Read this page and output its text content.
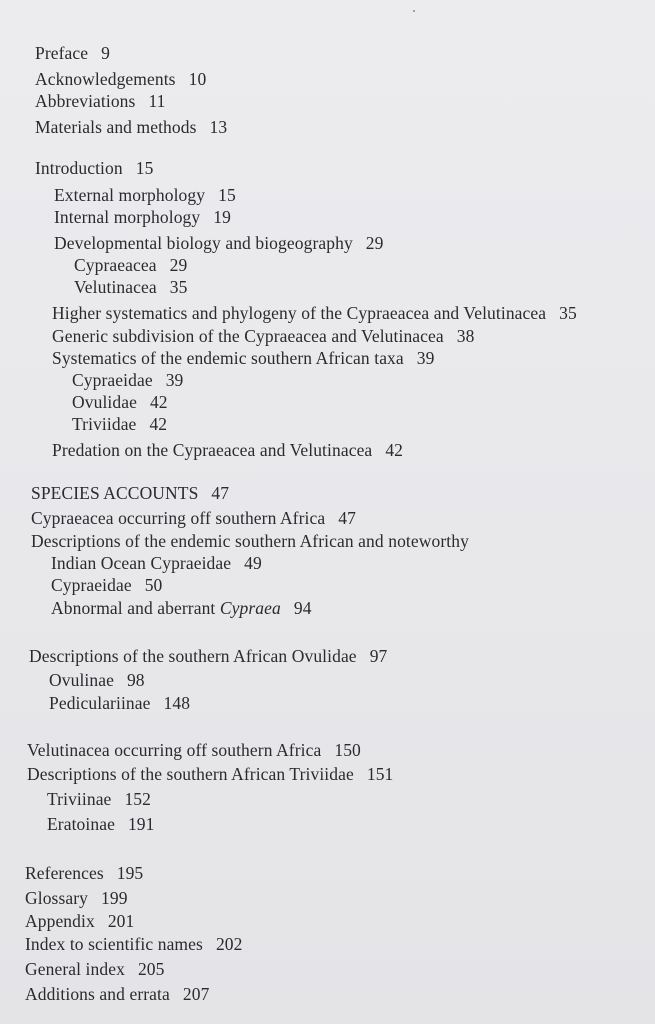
Preface 9
Acknowledgements 10
Abbreviations 11
Materials and methods 13
Introduction 15
External morphology 15
Internal morphology 19
Developmental biology and biogeography 29
Cypraeacea 29
Velutinacea 35
Higher systematics and phylogeny of the Cypraeacea and Velutinacea 35
Generic subdivision of the Cypraeacea and Velutinacea 38
Systematics of the endemic southern African taxa 39
Cypraeidae 39
Ovulidae 42
Triviidae 42
Predation on the Cypraeacea and Velutinacea 42
SPECIES ACCOUNTS 47
Cypraeacea occurring off southern Africa 47
Descriptions of the endemic southern African and noteworthy
Indian Ocean Cypraeidae 49
Cypraeidae 50
Abnormal and aberrant Cypraea 94
Descriptions of the southern African Ovulidae 97
Ovulinae 98
Pediculariinae 148
Velutinacea occurring off southern Africa 150
Descriptions of the southern African Triviidae 151
Triviinae 152
Eratoinae 191
References 195
Glossary 199
Appendix 201
Index to scientific names 202
General index 205
Additions and errata 207
